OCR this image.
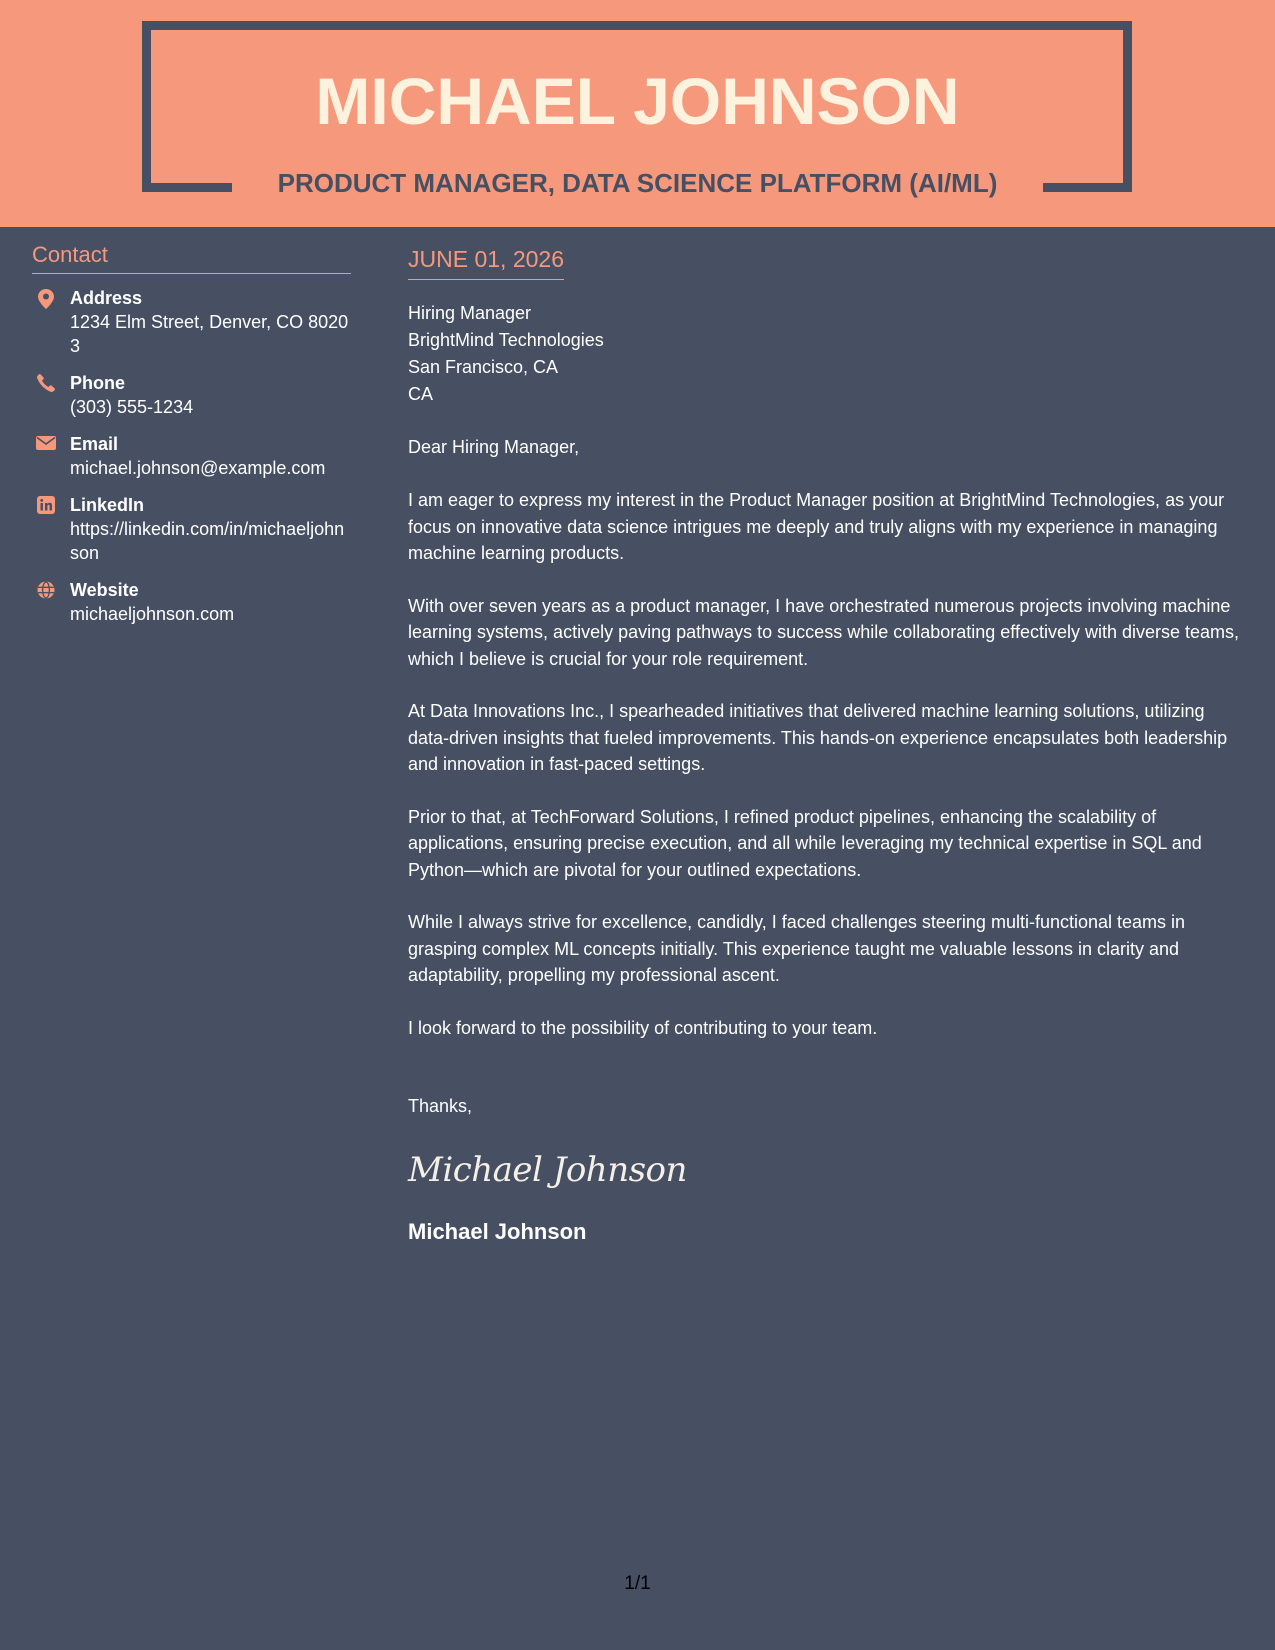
MICHAEL JOHNSON
PRODUCT MANAGER, DATA SCIENCE PLATFORM (AI/ML)
Contact
Address
1234 Elm Street, Denver, CO 80203
Phone
(303) 555-1234
Email
michael.johnson@example.com
LinkedIn
https://linkedin.com/in/michaeljohnson
Website
michaeljohnson.com
JUNE 01, 2026
Hiring Manager
BrightMind Technologies
San Francisco, CA
CA
Dear Hiring Manager,
I am eager to express my interest in the Product Manager position at BrightMind Technologies, as your focus on innovative data science intrigues me deeply and truly aligns with my experience in managing machine learning products.
With over seven years as a product manager, I have orchestrated numerous projects involving machine learning systems, actively paving pathways to success while collaborating effectively with diverse teams, which I believe is crucial for your role requirement.
At Data Innovations Inc., I spearheaded initiatives that delivered machine learning solutions, utilizing data-driven insights that fueled improvements. This hands-on experience encapsulates both leadership and innovation in fast-paced settings.
Prior to that, at TechForward Solutions, I refined product pipelines, enhancing the scalability of applications, ensuring precise execution, and all while leveraging my technical expertise in SQL and Python—which are pivotal for your outlined expectations.
While I always strive for excellence, candidly, I faced challenges steering multi-functional teams in grasping complex ML concepts initially. This experience taught me valuable lessons in clarity and adaptability, propelling my professional ascent.
I look forward to the possibility of contributing to your team.
Thanks,
Michael Johnson
Michael Johnson
1/1
